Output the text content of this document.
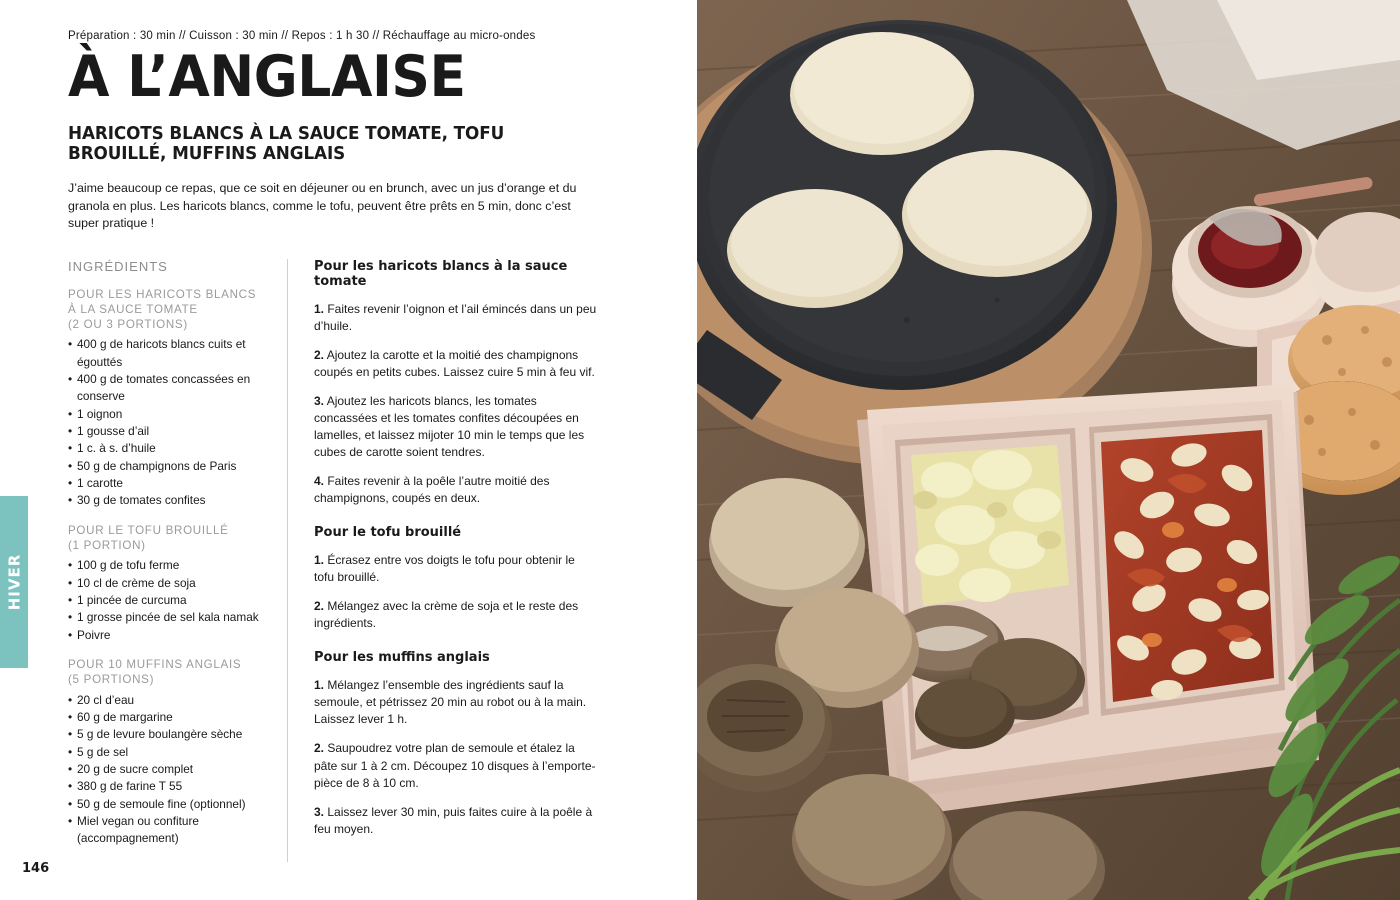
HIVER
Préparation : 30 min // Cuisson : 30 min // Repos : 1 h 30 // Réchauffage au micro-ondes
À L’ANGLAISE
HARICOTS BLANCS À LA SAUCE TOMATE, TOFU BROUILLÉ, MUFFINS ANGLAIS

J’aime beaucoup ce repas, que ce soit en déjeuner ou en brunch, avec un jus d’orange et du granola en plus. Les haricots blancs, comme le tofu, peuvent être prêts en 5 min, donc c’est super pratique !

INGRÉDIENTS
POUR LES HARICOTS BLANCS
À LA SAUCE TOMATE
(2 OU 3 PORTIONS)
• 400 g de haricots blancs cuits et égouttés
• 400 g de tomates concassées en conserve
• 1 oignon
• 1 gousse d’ail
• 1 c. à s. d’huile
• 50 g de champignons de Paris
• 1 carotte
• 30 g de tomates confites
POUR LE TOFU BROUILLÉ
(1 PORTION)
• 100 g de tofu ferme
• 10 cl de crème de soja
• 1 pincée de curcuma
• 1 grosse pincée de sel kala namak
• Poivre
POUR 10 MUFFINS ANGLAIS
(5 PORTIONS)
• 20 cl d’eau
• 60 g de margarine
• 5 g de levure boulangère sèche
• 5 g de sel
• 20 g de sucre complet
• 380 g de farine T 55
• 50 g de semoule fine (optionnel)
• Miel vegan ou confiture (accompagnement)
Pour les haricots blancs à la sauce tomate

1. Faites revenir l’oignon et l’ail émincés dans un peu d’huile.

2. Ajoutez la carotte et la moitié des champignons coupés en petits cubes. Laissez cuire 5 min à feu vif.

3. Ajoutez les haricots blancs, les tomates concassées et les tomates confites découpées en lamelles, et laissez mijoter 10 min le temps que les cubes de carotte soient tendres.

4. Faites revenir à la poêle l’autre moitié des champignons, coupés en deux.

Pour le tofu brouillé

1. Écrasez entre vos doigts le tofu pour obtenir le tofu brouillé.

2. Mélangez avec la crème de soja et le reste des ingrédients.

Pour les muffins anglais

1. Mélangez l’ensemble des ingrédients sauf la semoule, et pétrissez 20 min au robot ou à la main. Laissez lever 1 h.

2. Saupoudrez votre plan de semoule et étalez la pâte sur 1 à 2 cm. Découpez 10 disques à l’emporte-pièce de 8 à 10 cm.

3. Laissez lever 30 min, puis faites cuire à la poêle à feu moyen.

146
